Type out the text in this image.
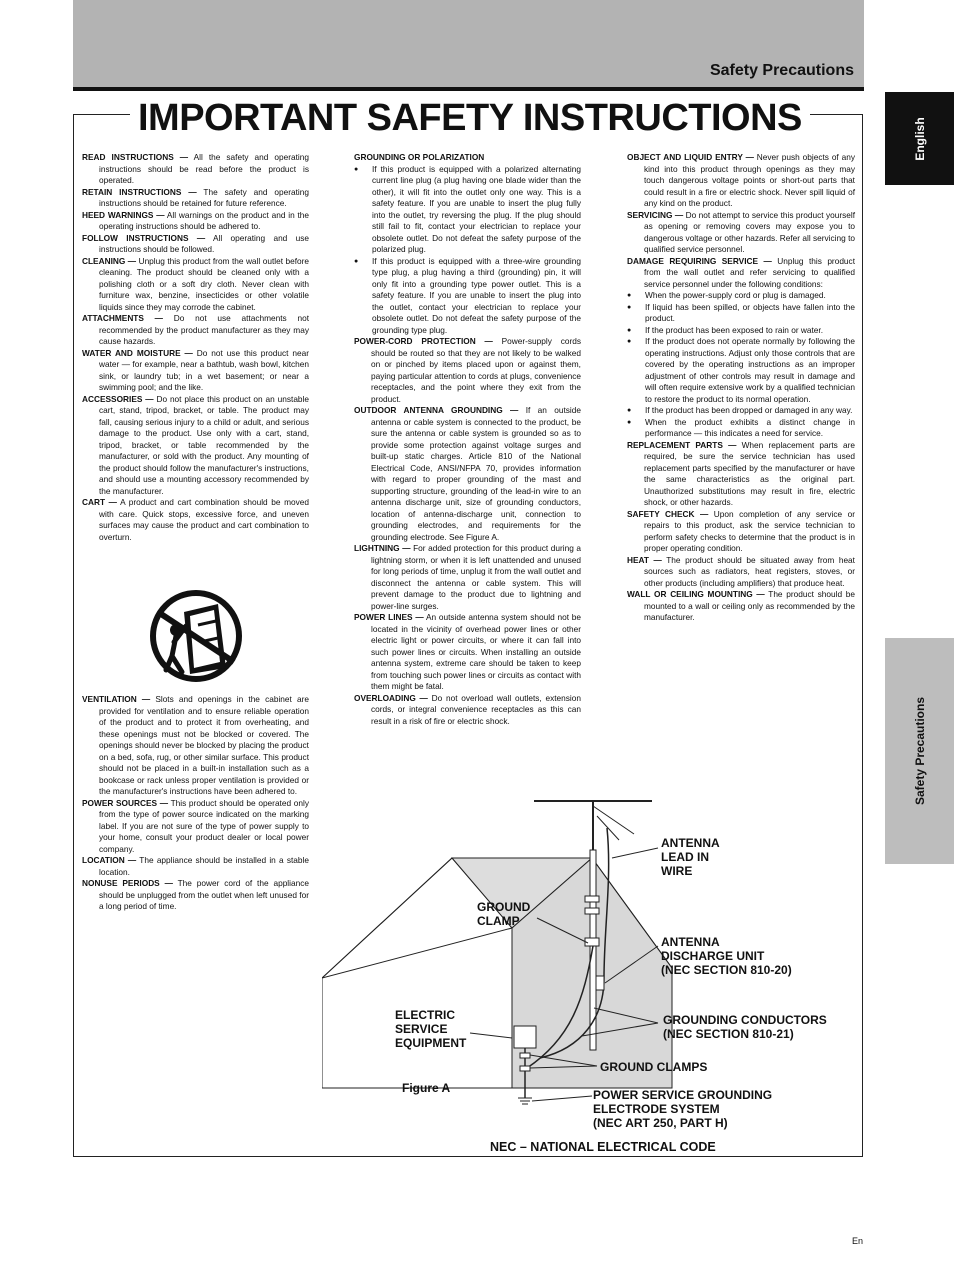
Safety Precautions
IMPORTANT SAFETY INSTRUCTIONS	English
Safety Precautions
READ INSTRUCTIONS — All the safety and operating instructions should be read before the product is operated.
RETAIN INSTRUCTIONS — The safety and operating instructions should be retained for future reference.
HEED WARNINGS — All warnings on the product and in the operating instructions should be adhered to.
FOLLOW INSTRUCTIONS — All operating and use instructions should be followed.
CLEANING — Unplug this product from the wall outlet before cleaning. The product should be cleaned only with a polishing cloth or a soft dry cloth. Never clean with furniture wax, benzine, insecticides or other volatile liquids since they may corrode the cabinet.
ATTACHMENTS — Do not use attachments not recommended by the product manufacturer as they may cause hazards.
WATER AND MOISTURE — Do not use this product near water — for example, near a bathtub, wash bowl, kitchen sink, or laundry tub; in a wet basement; or near a swimming pool; and the like.
ACCESSORIES — Do not place this product on an unstable cart, stand, tripod, bracket, or table. The product may fall, causing serious injury to a child or adult, and serious damage to the product. Use only with a cart, stand, tripod, bracket, or table recommended by the manufacturer, or sold with the product. Any mounting of the product should follow the manufacturer's instructions, and should use a mounting accessory recommended by the manufacturer.
CART — A product and cart combination should be moved with care. Quick stops, excessive force, and uneven surfaces may cause the product and cart combination to overturn.
VENTILATION — Slots and openings in the cabinet are provided for ventilation and to ensure reliable operation of the product and to protect it from overheating, and these openings must not be blocked or covered. The openings should never be blocked by placing the product on a bed, sofa, rug, or other similar surface. This product should not be placed in a built-in installation such as a bookcase or rack unless proper ventilation is provided or the manufacturer's instructions have been adhered to.
POWER SOURCES — This product should be operated only from the type of power source indicated on the marking label. If you are not sure of the type of power supply to your home, consult your product dealer or local power company.
LOCATION — The appliance should be installed in a stable location.
NONUSE PERIODS — The power cord of the appliance should be unplugged from the outlet when left unused for a long period of time.
GROUNDING OR POLARIZATION
● If this product is equipped with a polarized alternating current line plug (a plug having one blade wider than the other), it will fit into the outlet only one way. This is a safety feature. If you are unable to insert the plug fully into the outlet, try reversing the plug. If the plug should still fail to fit, contact your electrician to replace your obsolete outlet. Do not defeat the safety purpose of the polarized plug.
● If this product is equipped with a three-wire grounding type plug, a plug having a third (grounding) pin, it will only fit into a grounding type power outlet. This is a safety feature. If you are unable to insert the plug into the outlet, contact your electrician to replace your obsolete outlet. Do not defeat the safety purpose of the grounding type plug.
POWER-CORD PROTECTION — Power-supply cords should be routed so that they are not likely to be walked on or pinched by items placed upon or against them, paying particular attention to cords at plugs, convenience receptacles, and the point where they exit from the product.
OUTDOOR ANTENNA GROUNDING — If an outside antenna or cable system is connected to the product, be sure the antenna or cable system is grounded so as to provide some protection against voltage surges and built-up static charges. Article 810 of the National Electrical Code, ANSI/NFPA 70, provides information with regard to proper grounding of the mast and supporting structure, grounding of the lead-in wire to an antenna discharge unit, size of grounding conductors, location of antenna-discharge unit, connection to grounding electrodes, and requirements for the grounding electrode. See Figure A.
LIGHTNING — For added protection for this product during a lightning storm, or when it is left unattended and unused for long periods of time, unplug it from the wall outlet and disconnect the antenna or cable system. This will prevent damage to the product due to lightning and power-line surges.
POWER LINES — An outside antenna system should not be located in the vicinity of overhead power lines or other electric light or power circuits, or where it can fall into such power lines or circuits. When installing an outside antenna system, extreme care should be taken to keep from touching such power lines or circuits as contact with them might be fatal.
OVERLOADING — Do not overload wall outlets, extension cords, or integral convenience receptacles as this can result in a risk of fire or electric shock.
OBJECT AND LIQUID ENTRY — Never push objects of any kind into this product through openings as they may touch dangerous voltage points or short-out parts that could result in a fire or electric shock. Never spill liquid of any kind on the product.
SERVICING — Do not attempt to service this product yourself as opening or removing covers may expose you to dangerous voltage or other hazards. Refer all servicing to qualified service personnel.
DAMAGE REQUIRING SERVICE — Unplug this product from the wall outlet and refer servicing to qualified service personnel under the following conditions:
● When the power-supply cord or plug is damaged.
● If liquid has been spilled, or objects have fallen into the product.
● If the product has been exposed to rain or water.
● If the product does not operate normally by following the operating instructions. Adjust only those controls that are covered by the operating instructions as an improper adjustment of other controls may result in damage and will often require extensive work by a qualified technician to restore the product to its normal operation.
● If the product has been dropped or damaged in any way.
● When the product exhibits a distinct change in performance — this indicates a need for service.
REPLACEMENT PARTS — When replacement parts are required, be sure the service technician has used replacement parts specified by the manufacturer or have the same characteristics as the original part. Unauthorized substitutions may result in fire, electric shock, or other hazards.
SAFETY CHECK — Upon completion of any service or repairs to this product, ask the service technician to perform safety checks to determine that the product is in proper operating condition.
HEAT — The product should be situated away from heat sources such as radiators, heat registers, stoves, or other products (including amplifiers) that produce heat.
WALL OR CEILING MOUNTING — The product should be mounted to a wall or ceiling only as recommended by the manufacturer.
ANTENNA
LEAD IN
WIRE
GROUND
CLAMP
ANTENNA
DISCHARGE UNIT
(NEC SECTION 810-20)
ELECTRIC
SERVICE
EQUIPMENT
GROUNDING CONDUCTORS
(NEC SECTION 810-21)
GROUND CLAMPS
POWER SERVICE GROUNDING
ELECTRODE SYSTEM
(NEC ART 250, PART H)
Figure A
NEC – NATIONAL ELECTRICAL CODE
En
